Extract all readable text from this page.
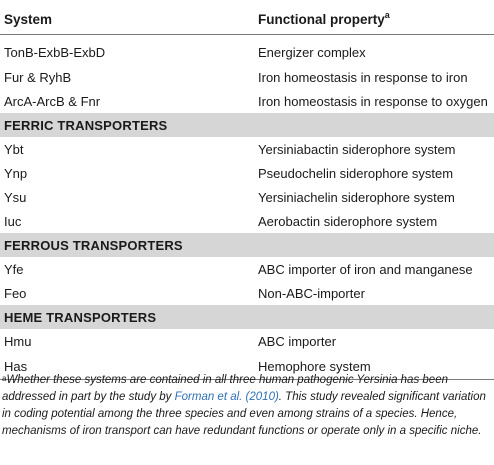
System	Functional property$^a$
TonB-ExbB-ExbD	Energizer complex
Fur & RyhB	Iron homeostasis in response to iron
ArcA-ArcB & Fnr	Iron homeostasis in response to oxygen
FERRIC TRANSPORTERS	
Ybt	Yersiniabactin siderophore system
Ynp	Pseudochelin siderophore system
Ysu	Yersiniachelin siderophore system
Iuc	Aerobactin siderophore system
FERROUS TRANSPORTERS	
Yfe	ABC importer of iron and manganese
Feo	Non-ABC-importer
HEME TRANSPORTERS	
Hmu	ABC importer
Has	Hemophore system
$^a$Whether these systems are contained in all three human pathogenic Yersinia has been addressed in part by the study by Forman et al. (2010). This study revealed significant variation in coding potential among the three species and even among strains of a species. Hence, mechanisms of iron transport can have redundant functions or operate only in a specific niche.
